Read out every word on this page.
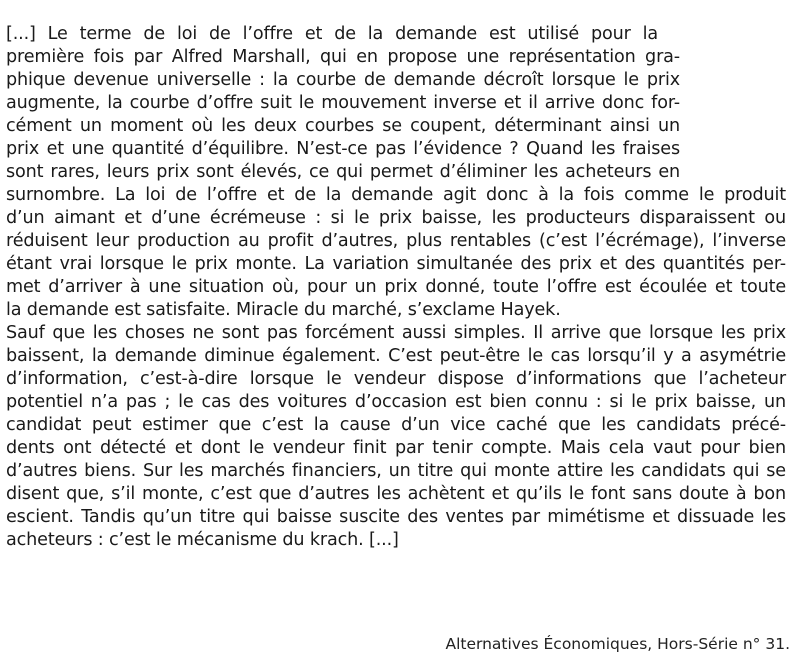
[...] Le terme de loi de l’offre et de la demande est utilisé pour la
première fois par Alfred Marshall, qui en propose une représentation gra-
phique devenue universelle : la courbe de demande décroît lorsque le prix
augmente, la courbe d’offre suit le mouvement inverse et il arrive donc for-
cément un moment où les deux courbes se coupent, déterminant ainsi un
prix et une quantité d’équilibre. N’est-ce pas l’évidence ? Quand les fraises
sont rares, leurs prix sont élevés, ce qui permet d’éliminer les acheteurs en
surnombre. La loi de l’offre et de la demande agit donc à la fois comme le produit
d’un aimant et d’une écrémeuse : si le prix baisse, les producteurs disparaissent ou
réduisent leur production au profit d’autres, plus rentables (c’est l’écrémage), l’inverse
étant vrai lorsque le prix monte. La variation simultanée des prix et des quantités per-
met d’arriver à une situation où, pour un prix donné, toute l’offre est écoulée et toute
la demande est satisfaite. Miracle du marché, s’exclame Hayek.
Sauf que les choses ne sont pas forcément aussi simples. Il arrive que lorsque les prix
baissent, la demande diminue également. C’est peut-être le cas lorsqu’il y a asymétrie
d’information, c’est-à-dire lorsque le vendeur dispose d’informations que l’acheteur
potentiel n’a pas ; le cas des voitures d’occasion est bien connu : si le prix baisse, un
candidat peut estimer que c’est la cause d’un vice caché que les candidats précé-
dents ont détecté et dont le vendeur finit par tenir compte. Mais cela vaut pour bien
d’autres biens. Sur les marchés financiers, un titre qui monte attire les candidats qui se
disent que, s’il monte, c’est que d’autres les achètent et qu’ils le font sans doute à bon
escient. Tandis qu’un titre qui baisse suscite des ventes par mimétisme et dissuade les
acheteurs : c’est le mécanisme du krach. [...]
Alternatives Économiques, Hors-Série n° 31.
